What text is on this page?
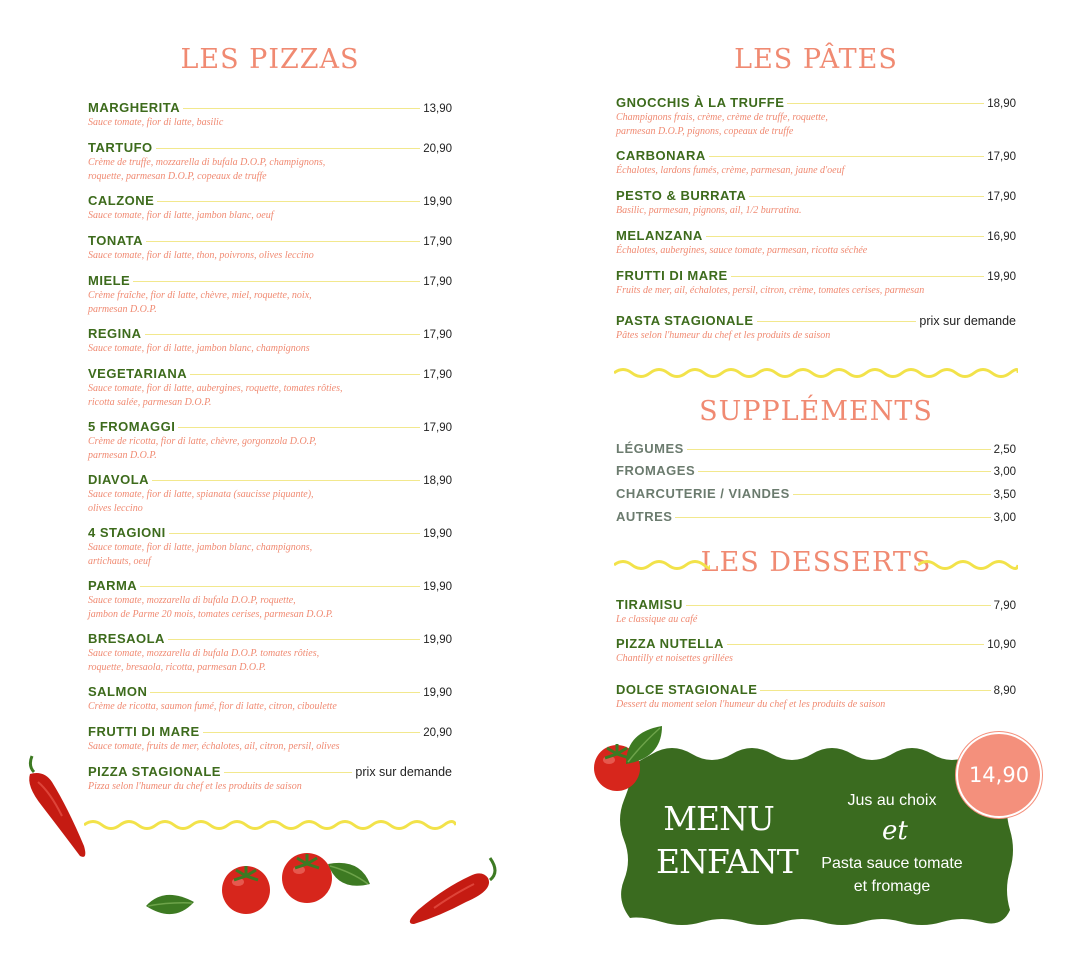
LES PIZZAS
MARGHERITA	13,90
Sauce tomate, fior di latte, basilic
TARTUFO	20,90
Crème de truffe, mozzarella di bufala D.O.P, champignons,
roquette, parmesan D.O.P, copeaux de truffe
CALZONE	19,90
Sauce tomate, fior di latte, jambon blanc, oeuf
TONATA	17,90
Sauce tomate, fior di latte, thon, poivrons, olives leccino
MIELE	17,90
Crème fraîche, fior di latte, chèvre, miel, roquette, noix,
parmesan D.O.P.
REGINA	17,90
Sauce tomate, fior di latte, jambon blanc, champignons
VEGETARIANA	17,90
Sauce tomate, fior di latte, aubergines, roquette, tomates rôties,
ricotta salée, parmesan D.O.P.
5 FROMAGGI	17,90
Crème de ricotta, fior di latte, chèvre, gorgonzola D.O.P,
parmesan D.O.P.
DIAVOLA	18,90
Sauce tomate, fior di latte, spianata (saucisse piquante),
olives leccino
4 STAGIONI	19,90
Sauce tomate, fior di latte, jambon blanc, champignons,
artichauts, oeuf
PARMA	19,90
Sauce tomate, mozzarella di bufala D.O.P, roquette,
jambon de Parme 20 mois, tomates cerises, parmesan D.O.P.
BRESAOLA	19,90
Sauce tomate, mozzarella di bufala D.O.P. tomates rôties,
roquette, bresaola, ricotta, parmesan D.O.P.
SALMON	19,90
Crème de ricotta, saumon fumé, fior di latte, citron, ciboulette
FRUTTI DI MARE	20,90
Sauce tomate, fruits de mer, échalotes, ail, citron, persil, olives
PIZZA STAGIONALE	prix sur demande
Pizza selon l'humeur du chef et les produits de saison
LES PÂTES
GNOCCHIS À LA TRUFFE	18,90
Champignons frais, crème, crème de truffe, roquette,
parmesan D.O.P, pignons, copeaux de truffe
CARBONARA	17,90
Échalotes, lardons fumés, crème, parmesan, jaune d'oeuf
PESTO & BURRATA	17,90
Basilic, parmesan, pignons, ail, 1/2 burratina.
MELANZANA	16,90
Échalotes, aubergines, sauce tomate, parmesan, ricotta séchée
FRUTTI DI MARE	19,90
Fruits de mer, ail, échalotes, persil, citron, crème, tomates cerises, parmesan
PASTA STAGIONALE	prix sur demande
Pâtes selon l'humeur du chef et les produits de saison
SUPPLÉMENTS
LÉGUMES	2,50
FROMAGES	3,00
CHARCUTERIE / VIANDES	3,50
AUTRES	3,00
LES DESSERTS
TIRAMISU	7,90
Le classique au café
PIZZA NUTELLA	10,90
Chantilly et noisettes grillées
DOLCE STAGIONALE	8,90
Dessert du moment selon l'humeur du chef et les produits de saison
MENU
ENFANT
Jus au choix
et
Pasta sauce tomate
et fromage
14,90
